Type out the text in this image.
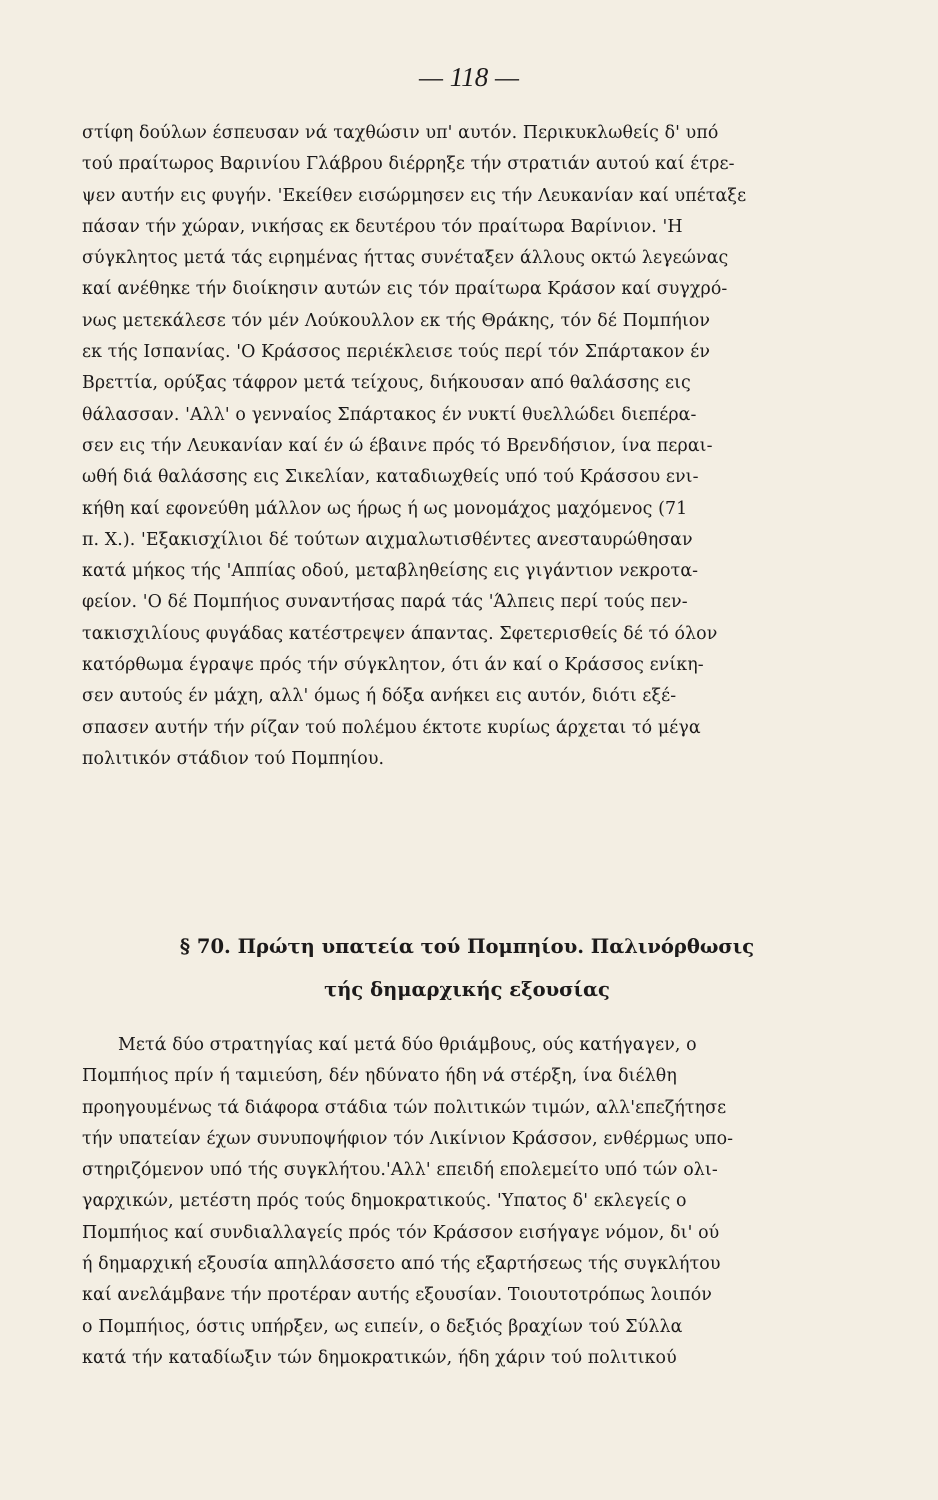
— 118 —
στίφη δούλων έσπευσαν νά ταχθώσιν υπ' αυτόν. Περικυκλωθείς δ' υπό
τού πραίτωρος Βαρινίου Γλάβρου διέρρηξε τήν στρατιάν αυτού καί έτρε-
ψεν αυτήν εις φυγήν. 'Εκείθεν εισώρμησεν εις τήν Λευκανίαν καί υπέταξε
πάσαν τήν χώραν, νικήσας εκ δευτέρου τόν πραίτωρα Βαρίνιον. 'Η
σύγκλητος μετά τάς ειρημένας ήττας συνέταξεν άλλους οκτώ λεγεώνας
καί ανέθηκε τήν διοίκησιν αυτών εις τόν πραίτωρα Κράσον καί συγχρό-
νως μετεκάλεσε τόν μέν Λούκουλλον εκ τής Θράκης, τόν δέ Πομπήιον
εκ τής Ισπανίας. 'Ο Κράσσος περιέκλεισε τούς περί τόν Σπάρτακον έν
Βρεττία, ορύξας τάφρον μετά τείχους, διήκουσαν από θαλάσσης εις
θάλασσαν. 'Αλλ' ο γενναίος Σπάρτακος έν νυκτί θυελλώδει διεπέρα-
σεν εις τήν Λευκανίαν καί έν ώ έβαινε πρός τό Βρενδήσιον, ίνα περαι-
ωθή διά θαλάσσης εις Σικελίαν, καταδιωχθείς υπό τού Κράσσου ενι-
κήθη καί εφονεύθη μάλλον ως ήρως ή ως μονομάχος μαχόμενος (71
π. Χ.). 'Εξακισχίλιοι δέ τούτων αιχμαλωτισθέντες ανεσταυρώθησαν
κατά μήκος τής 'Αππίας οδού, μεταβληθείσης εις γιγάντιον νεκροτα-
φείον. 'Ο δέ Πομπήιος συναντήσας παρά τάς 'Άλπεις περί τούς πεν-
τακισχιλίους φυγάδας κατέστρεψεν άπαντας. Σφετερισθείς δέ τό όλον
κατόρθωμα έγραψε πρός τήν σύγκλητον, ότι άν καί ο Κράσσος ενίκη-
σεν αυτούς έν μάχη, αλλ' όμως ή δόξα ανήκει εις αυτόν, διότι εξέ-
σπασεν αυτήν τήν ρίζαν τού πολέμου έκτοτε κυρίως άρχεται τό μέγα
πολιτικόν στάδιον τού Πομπηίου.
§ 70. Πρώτη υπατεία τού Πομπηίου. Παλινόρθωσις
τής δημαρχικής εξουσίας
Μετά δύο στρατηγίας καί μετά δύο θριάμβους, ούς κατήγαγεν, ο
Πομπήιος πρίν ή ταμιεύση, δέν ηδύνατο ήδη νά στέρξη, ίνα διέλθη
προηγουμένως τά διάφορα στάδια τών πολιτικών τιμών, αλλ'επεζήτησε
τήν υπατείαν έχων συνυποψήφιον τόν Λικίνιον Κράσσον, ενθέρμως υπο-
στηριζόμενον υπό τής συγκλήτου.'Αλλ' επειδή επολεμείτο υπό τών ολι-
γαρχικών, μετέστη πρός τούς δημοκρατικούς. 'Υπατος δ' εκλεγείς ο
Πομπήιος καί συνδιαλλαγείς πρός τόν Κράσσον εισήγαγε νόμον, δι' ού
ή δημαρχική εξουσία απηλλάσσετο από τής εξαρτήσεως τής συγκλήτου
καί ανελάμβανε τήν προτέραν αυτής εξουσίαν. Τοιουτοτρόπως λοιπόν
ο Πομπήιος, όστις υπήρξεν, ως ειπείν, ο δεξιός βραχίων τού Σύλλα
κατά τήν καταδίωξιν τών δημοκρατικών, ήδη χάριν τού πολιτικού
